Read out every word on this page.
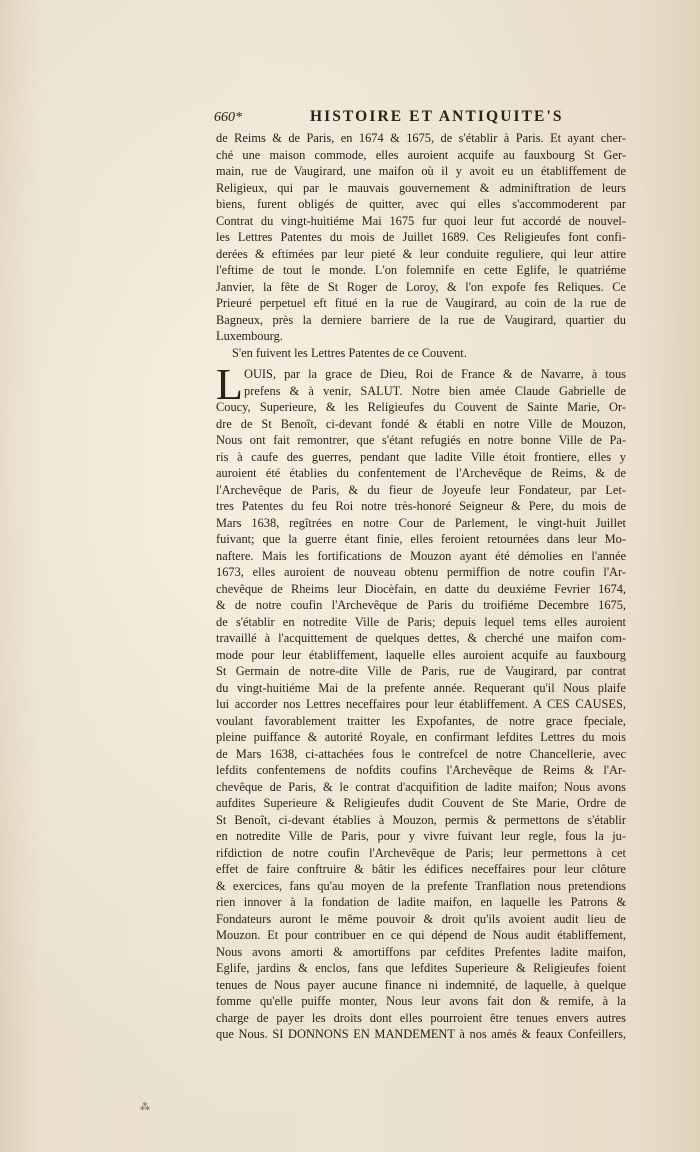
660*	HISTOIRE ET ANTIQUITE'S
de Reims & de Paris, en 1674 & 1675, de s'établir à Paris. Et ayant cher-
ché une maison commode, elles auroient acquife au fauxbourg St Ger-
main, rue de Vaugirard, une maifon où il y avoit eu un établiffement de
Religieux, qui par le mauvais gouvernement & adminiftration de leurs
biens, furent obligés de quitter, avec qui elles s'accommoderent par
Contrat du vingt-huitiéme Mai 1675 fur quoi leur fut accordé de nouvel-
les Lettres Patentes du mois de Juillet 1689. Ces Religieufes font confi-
derées & eftimées par leur pieté & leur conduite reguliere, qui leur attire
l'eftime de tout le monde. L'on folemnife en cette Eglife, le quatriéme
Janvier, la fête de St Roger de Loroy, & l'on expofe fes Reliques. Ce
Prieuré perpetuel eft fitué en la rue de Vaugirard, au coin de la rue de
Bagneux, près la derniere barriere de la rue de Vaugirard, quartier du
Luxembourg.
S'en fuivent les Lettres Patentes de ce Couvent.
L OUIS, par la grace de Dieu, Roi de France & de Navarre, à tous
prefens & à venir, SALUT. Notre bien amée Claude Gabrielle de
Coucy, Superieure, & les Religieufes du Couvent de Sainte Marie, Or-
dre de St Benoît, ci-devant fondé & établi en notre Ville de Mouzon,
Nous ont fait remontrer, que s'étant refugiés en notre bonne Ville de Pa-
ris à caufe des guerres, pendant que ladite Ville étoit frontiere, elles y
auroient été établies du confentement de l'Archevêque de Reims, & de
l'Archevêque de Paris, & du fieur de Joyeufe leur Fondateur, par Let-
tres Patentes du feu Roi notre très-honoré Seigneur & Pere, du mois de
Mars 1638, regîtrées en notre Cour de Parlement, le vingt-huit Juillet
fuivant; que la guerre étant finie, elles feroient retournées dans leur Mo-
naftere. Mais les fortifications de Mouzon ayant été démolies en l'année
1673, elles auroient de nouveau obtenu permiffion de notre coufin l'Ar-
chevêque de Rheims leur Diocèfain, en datte du deuxiéme Fevrier 1674,
& de notre coufin l'Archevêque de Paris du troifiéme Decembre 1675,
de s'établir en notredite Ville de Paris; depuis lequel tems elles auroient
travaillé à l'acquittement de quelques dettes, & cherché une maifon com-
mode pour leur établiffement, laquelle elles auroient acquife au fauxbourg
St Germain de notre-dite Ville de Paris, rue de Vaugirard, par contrat
du vingt-huitiéme Mai de la prefente année. Requerant qu'il Nous plaife
lui accorder nos Lettres neceffaires pour leur établiffement. A CES CAUSES,
voulant favorablement traitter les Expofantes, de notre grace fpeciale,
pleine puiffance & autorité Royale, en confirmant lefdites Lettres du mois
de Mars 1638, ci-attachées fous le contrefcel de notre Chancellerie, avec
lefdits confentemens de nofdits coufins l'Archevêque de Reims & l'Ar-
chevêque de Paris, & le contrat d'acquifition de ladite maifon; Nous avons
aufdites Superieure & Religieufes dudit Couvent de Ste Marie, Ordre de
St Benoît, ci-devant établies à Mouzon, permis & permettons de s'établir
en notredite Ville de Paris, pour y vivre fuivant leur regle, fous la ju-
rifdiction de notre coufin l'Archevêque de Paris; leur permettons à cet
effet de faire conftruire & bâtir les édifices neceffaires pour leur clôture
& exercices, fans qu'au moyen de la prefente Tranflation nous pretendions
rien innover à la fondation de ladite maifon, en laquelle les Patrons &
Fondateurs auront le même pouvoir & droit qu'ils avoient audit lieu de
Mouzon. Et pour contribuer en ce qui dépend de Nous audit établiffement,
Nous avons amorti & amortiffons par cefdites Prefentes ladite maifon,
Eglife, jardins & enclos, fans que lefdites Superieure & Religieufes foient
tenues de Nous payer aucune finance ni indemnité, de laquelle, à quelque
fomme qu'elle puiffe monter, Nous leur avons fait don & remife, à la
charge de payer les droits dont elles pourroient être tenues envers autres
que Nous. SI DONNONS EN MANDEMENT à nos amés & feaux Confeillers,
⁂
